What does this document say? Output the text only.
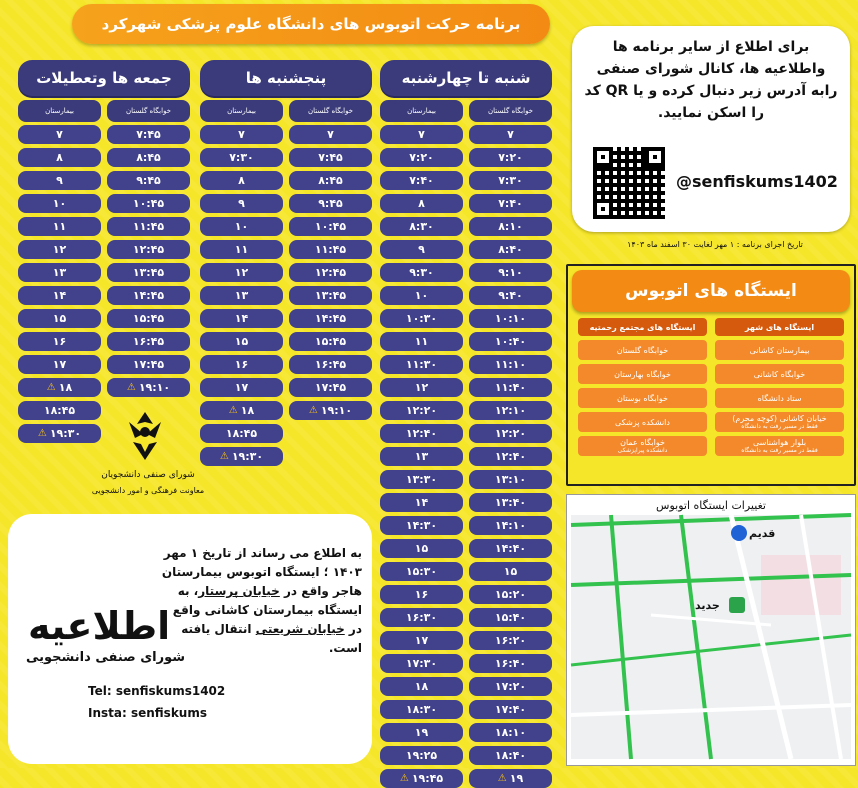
برنامه حرکت اتوبوس های دانشگاه علوم پزشکی شهرکرد
شنبه تا چهارشنبه
خوابگاه گلستان
بیمارستان
۷
۷
۷:۲۰
۷:۲۰
۷:۳۰
۷:۴۰
۷:۴۰
۸
۸:۱۰
۸:۳۰
۸:۴۰
۹
۹:۱۰
۹:۳۰
۹:۴۰
۱۰
۱۰:۱۰
۱۰:۳۰
۱۰:۴۰
۱۱
۱۱:۱۰
۱۱:۳۰
۱۱:۴۰
۱۲
۱۲:۱۰
۱۲:۲۰
۱۲:۲۰
۱۲:۴۰
۱۲:۴۰
۱۳
۱۳:۱۰
۱۳:۳۰
۱۳:۴۰
۱۴
۱۴:۱۰
۱۴:۳۰
۱۴:۴۰
۱۵
۱۵
۱۵:۳۰
۱۵:۲۰
۱۶
۱۵:۴۰
۱۶:۳۰
۱۶:۲۰
۱۷
۱۶:۴۰
۱۷:۳۰
۱۷:۲۰
۱۸
۱۷:۴۰
۱۸:۳۰
۱۸:۱۰
۱۹
۱۸:۴۰
۱۹:۲۵
⚠ ۱۹
⚠ ۱۹:۴۵
پنجشنبه ها
خوابگاه گلستان
بیمارستان
۷
۷
۷:۴۵
۷:۳۰
۸:۴۵
۸
۹:۴۵
۹
۱۰:۴۵
۱۰
۱۱:۴۵
۱۱
۱۲:۴۵
۱۲
۱۳:۴۵
۱۳
۱۴:۴۵
۱۴
۱۵:۴۵
۱۵
۱۶:۴۵
۱۶
۱۷:۴۵
۱۷
⚠ ۱۹:۱۰
⚠ ۱۸
۱۸:۴۵
⚠ ۱۹:۳۰
جمعه ها وتعطیلات
خوابگاه گلستان
بیمارستان
۷:۴۵
۷
۸:۴۵
۸
۹:۴۵
۹
۱۰:۴۵
۱۰
۱۱:۴۵
۱۱
۱۲:۴۵
۱۲
۱۳:۴۵
۱۳
۱۴:۴۵
۱۴
۱۵:۴۵
۱۵
۱۶:۴۵
۱۶
۱۷:۴۵
۱۷
⚠ ۱۹:۱۰
⚠ ۱۸
۱۸:۴۵
⚠ ۱۹:۳۰
شورای صنفی دانشجویان
معاونت فرهنگی و امور دانشجویی
برای اطلاع از سایر برنامه ها واطلاعیه ها، کانال شورای صنفی رابه آدرس زیر دنبال کرده و یا QR کد را اسکن نمایید.
@senfiskums1402
تاریخ اجرای برنامه : ۱ مهر لغایت ۳۰ اسفند ماه ۱۴۰۳
ایستگاه های اتوبوس
ایستگاه های شهر
بیمارستان کاشانی
خوابگاه کاشانی
ستاد دانشگاه
خیابان کاشانی (کوچه محرم)
فقط در مسیر رفت به دانشگاه
بلوار هواشناسی
فقط در مسیر رفت به دانشگاه
ایستگاه های مجتمع رحمتیه
خوابگاه گلستان
خوابگاه بهارستان
خوابگاه بوستان
دانشکده پزشکی
خوابگاه عمان
دانشکده پیراپزشکی
تغییرات ایستگاه اتوبوس
قدیم
جدید
به اطلاع می رساند از تاریخ ۱ مهر ۱۴۰۳ ؛ ایستگاه اتوبوس بیمارستان هاجر واقع در خیابان پرستار، به ایستگاه بیمارستان کاشانی واقع در خیابان شریعتی انتقال یافته است.
اطلاعیه
شورای صنفی دانشجویی
Tel: senfiskums1402
Insta: senfiskums
